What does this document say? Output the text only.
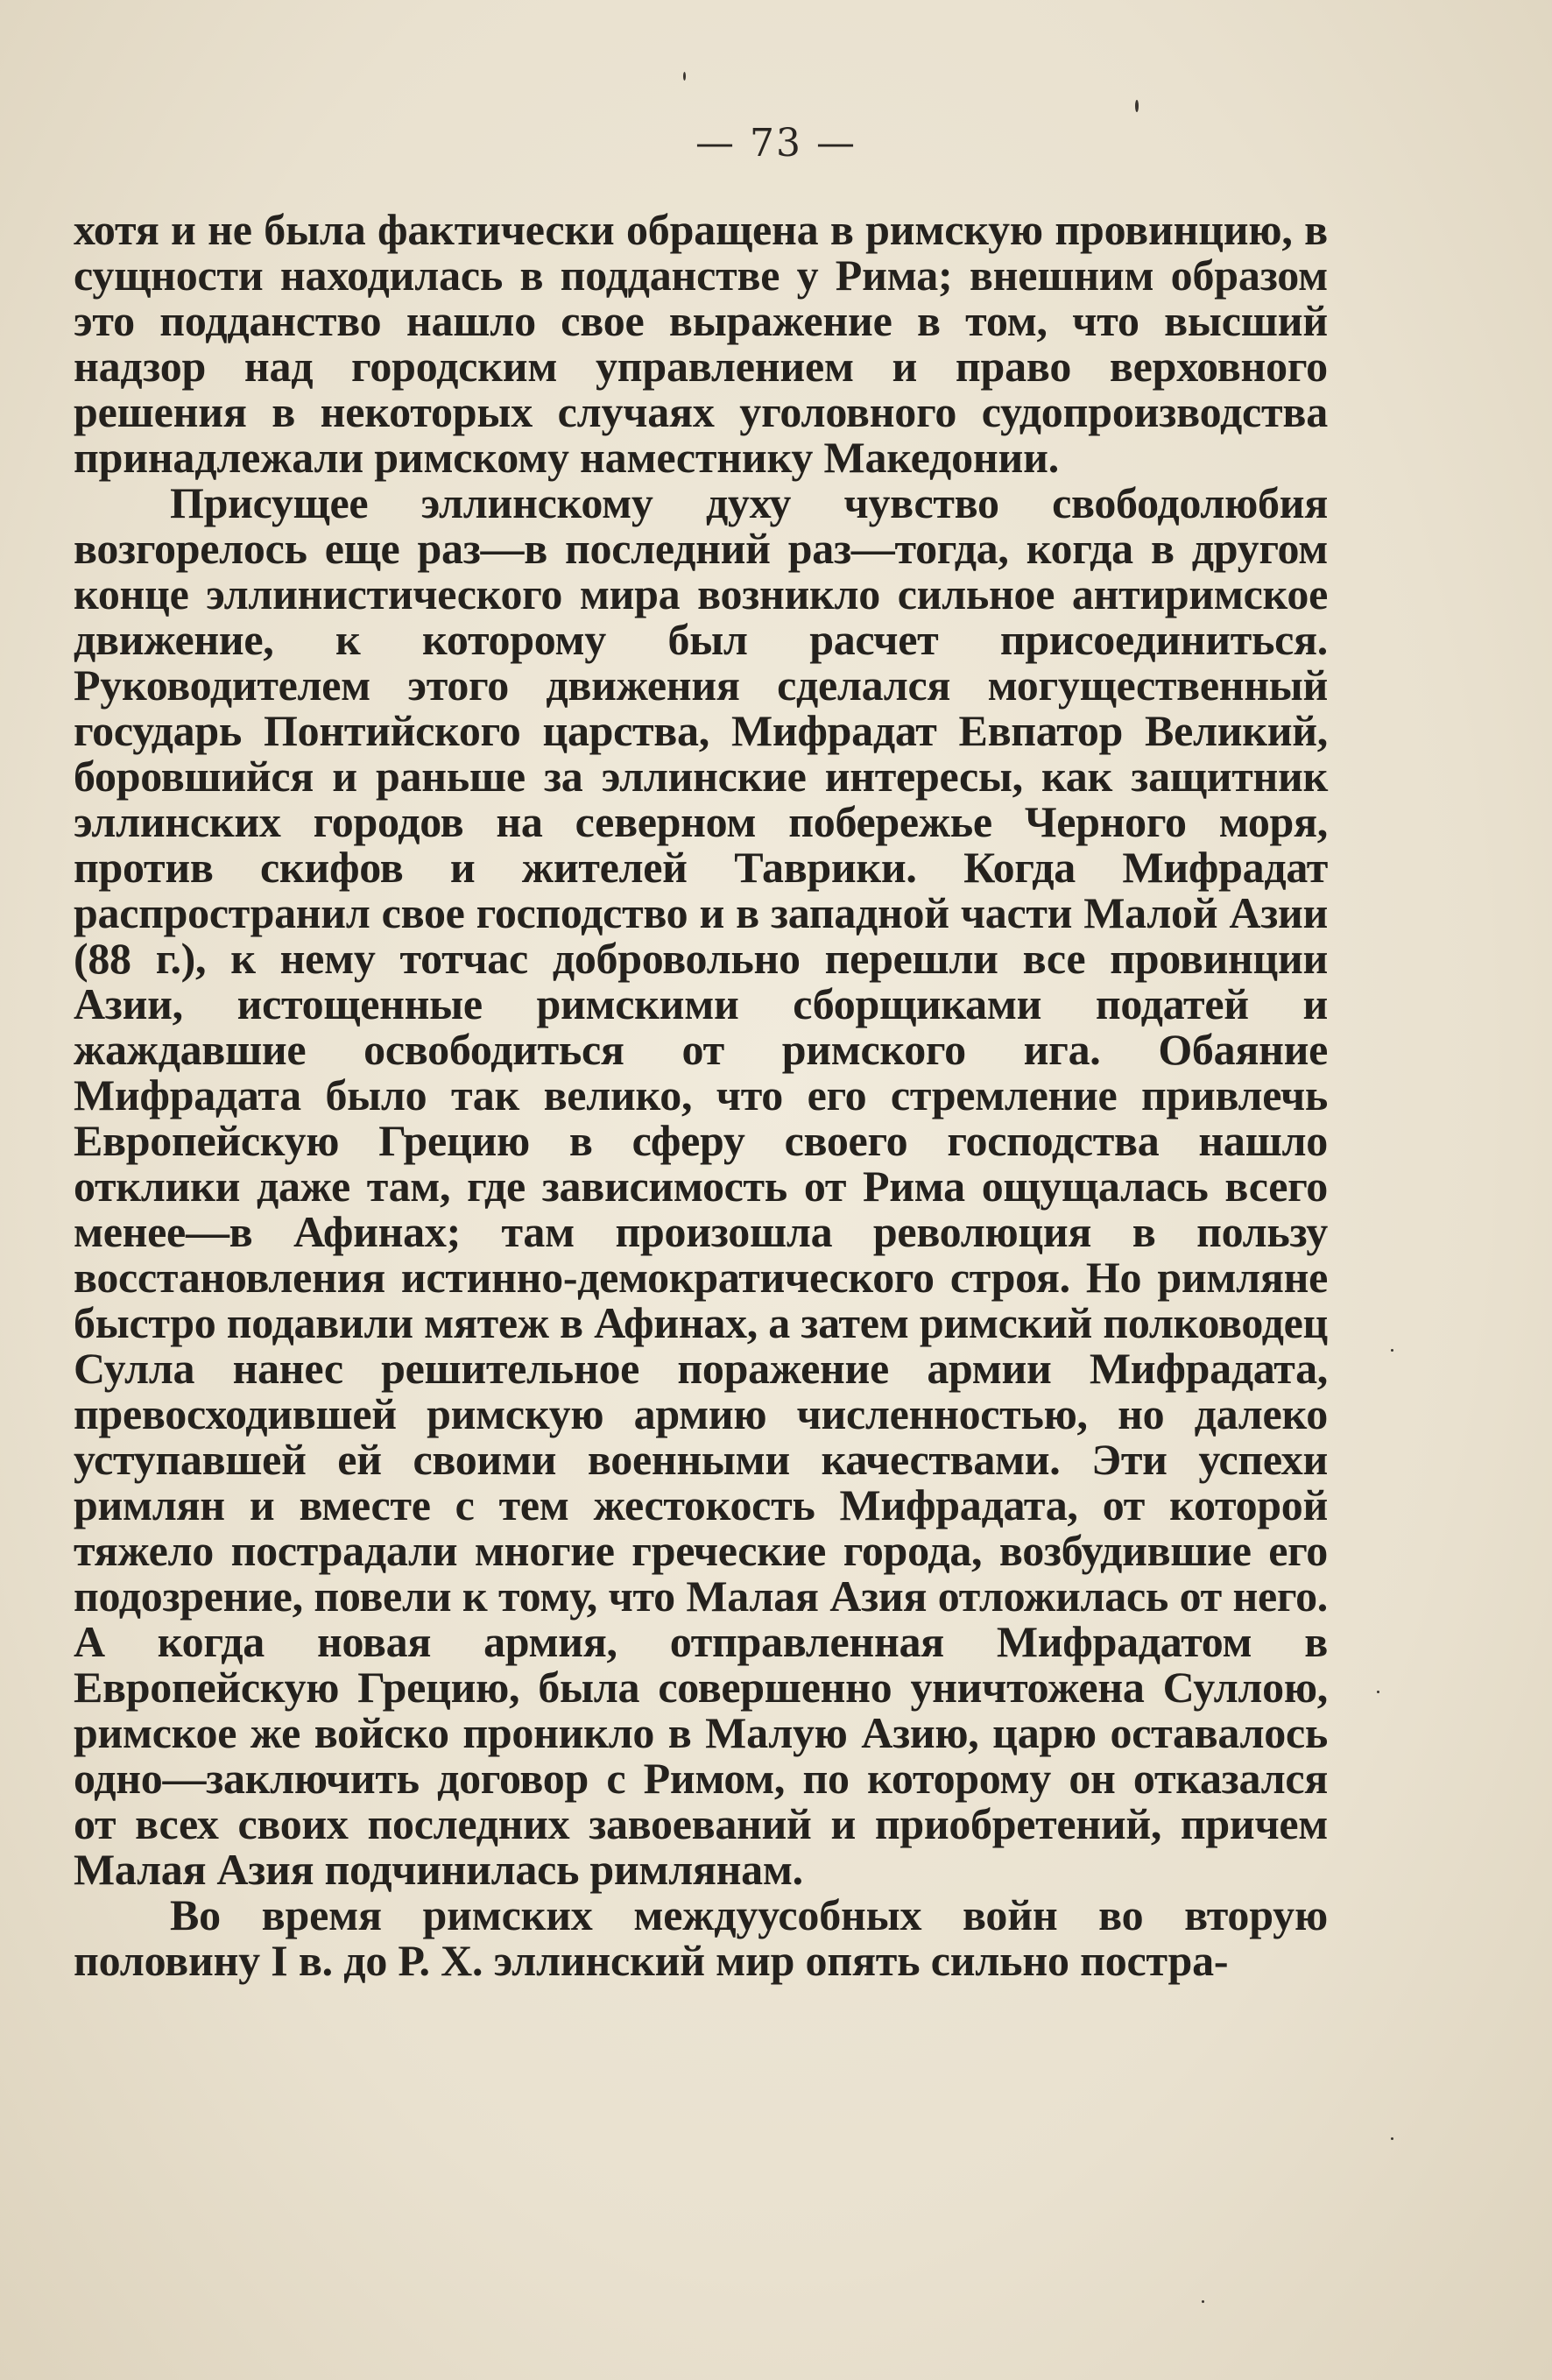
— 73 —

хотя и не была фактически обращена в римскую провинцию, в сущности находилась в подданстве у Рима; внешним образом это подданство нашло свое выражение в том, что высший надзор над городским управлением и право верховного решения в некоторых случаях уголовного судопроизводства принадлежали римскому наместнику Македонии.

Присущее эллинскому духу чувство свободолюбия возгорелось еще раз—в последний раз—тогда, когда в другом конце эллинистического мира возникло сильное антиримское движение, к которому был расчет присоединиться. Руководителем этого движения сделался могущественный государь Понтийского царства, Мифрадат Евпатор Великий, боровшийся и раньше за эллинские интересы, как защитник эллинских городов на северном побережье Черного моря, против скифов и жителей Таврики. Когда Мифрадат распространил свое господство и в западной части Малой Азии (88 г.), к нему тотчас добровольно перешли все провинции Азии, истощенные римскими сборщиками податей и жаждавшие освободиться от римского ига. Обаяние Мифрадата было так велико, что его стремление привлечь Европейскую Грецию в сферу своего господства нашло отклики даже там, где зависимость от Рима ощущалась всего менее—в Афинах; там произошла революция в пользу восстановления истинно-демократического строя. Но римляне быстро подавили мятеж в Афинах, а затем римский полководец Сулла нанес решительное поражение армии Мифрадата, превосходившей римскую армию численностью, но далеко уступавшей ей своими военными качествами. Эти успехи римлян и вместе с тем жестокость Мифрадата, от которой тяжело пострадали многие греческие города, возбудившие его подозрение, повели к тому, что Малая Азия отложилась от него. А когда новая армия, отправленная Мифрадатом в Европейскую Грецию, была совершенно уничтожена Суллою, римское же войско проникло в Малую Азию, царю оставалось одно—заключить договор с Римом, по которому он отказался от всех своих последних завоеваний и приобретений, причем Малая Азия подчинилась римлянам.

Во время римских междуусобных войн во вторую половину I в. до Р. Х. эллинский мир опять сильно постра-
